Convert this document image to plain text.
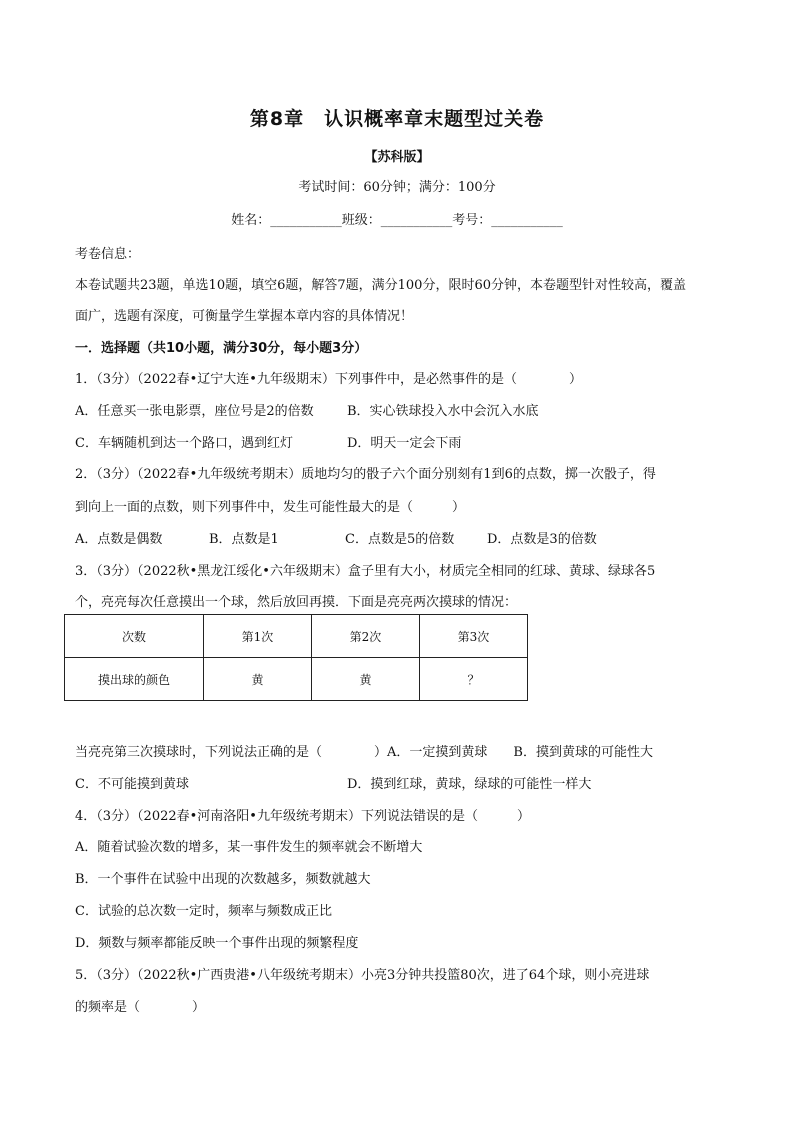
第8章　认识概率章末题型过关卷
【苏科版】
考试时间：60分钟；满分：100分
姓名：___________班级：___________考号：___________
考卷信息：
本卷试题共23题，单选10题，填空6题，解答7题，满分100分，限时60分钟，本卷题型针对性较高，覆盖
面广，选题有深度，可衡量学生掌握本章内容的具体情况！
一．选择题（共10小题，满分30分，每小题3分）
1．（3分）（2022春•辽宁大连•九年级期末）下列事件中，是必然事件的是（　　　　）
A．任意买一张电影票，座位号是2的倍数	B．实心铁球投入水中会沉入水底
C．车辆随机到达一个路口，遇到红灯	D．明天一定会下雨
2．（3分）（2022春•九年级统考期末）质地均匀的骰子六个面分别刻有1到6的点数，掷一次骰子，得
到向上一面的点数，则下列事件中，发生可能性最大的是（　　　）
A．点数是偶数	B．点数是1	C．点数是5的倍数	D．点数是3的倍数
3．（3分）（2022秋•黑龙江绥化•六年级期末）盒子里有大小，材质完全相同的红球、黄球、绿球各5
个，亮亮每次任意摸出一个球，然后放回再摸．下面是亮亮两次摸球的情况：
次数	第1次	第2次	第3次
摸出球的颜色	黄	黄	？
当亮亮第三次摸球时，下列说法正确的是（　　　　）A．一定摸到黄球　　B．摸到黄球的可能性大
C．不可能摸到黄球	D．摸到红球，黄球，绿球的可能性一样大
4．（3分）（2022春•河南洛阳•九年级统考期末）下列说法错误的是（　　　）
A．随着试验次数的增多，某一事件发生的频率就会不断增大
B．一个事件在试验中出现的次数越多，频数就越大
C．试验的总次数一定时，频率与频数成正比
D．频数与频率都能反映一个事件出现的频繁程度
5．（3分）（2022秋•广西贵港•八年级统考期末）小亮3分钟共投篮80次，进了64个球，则小亮进球
的频率是（　　　　）
